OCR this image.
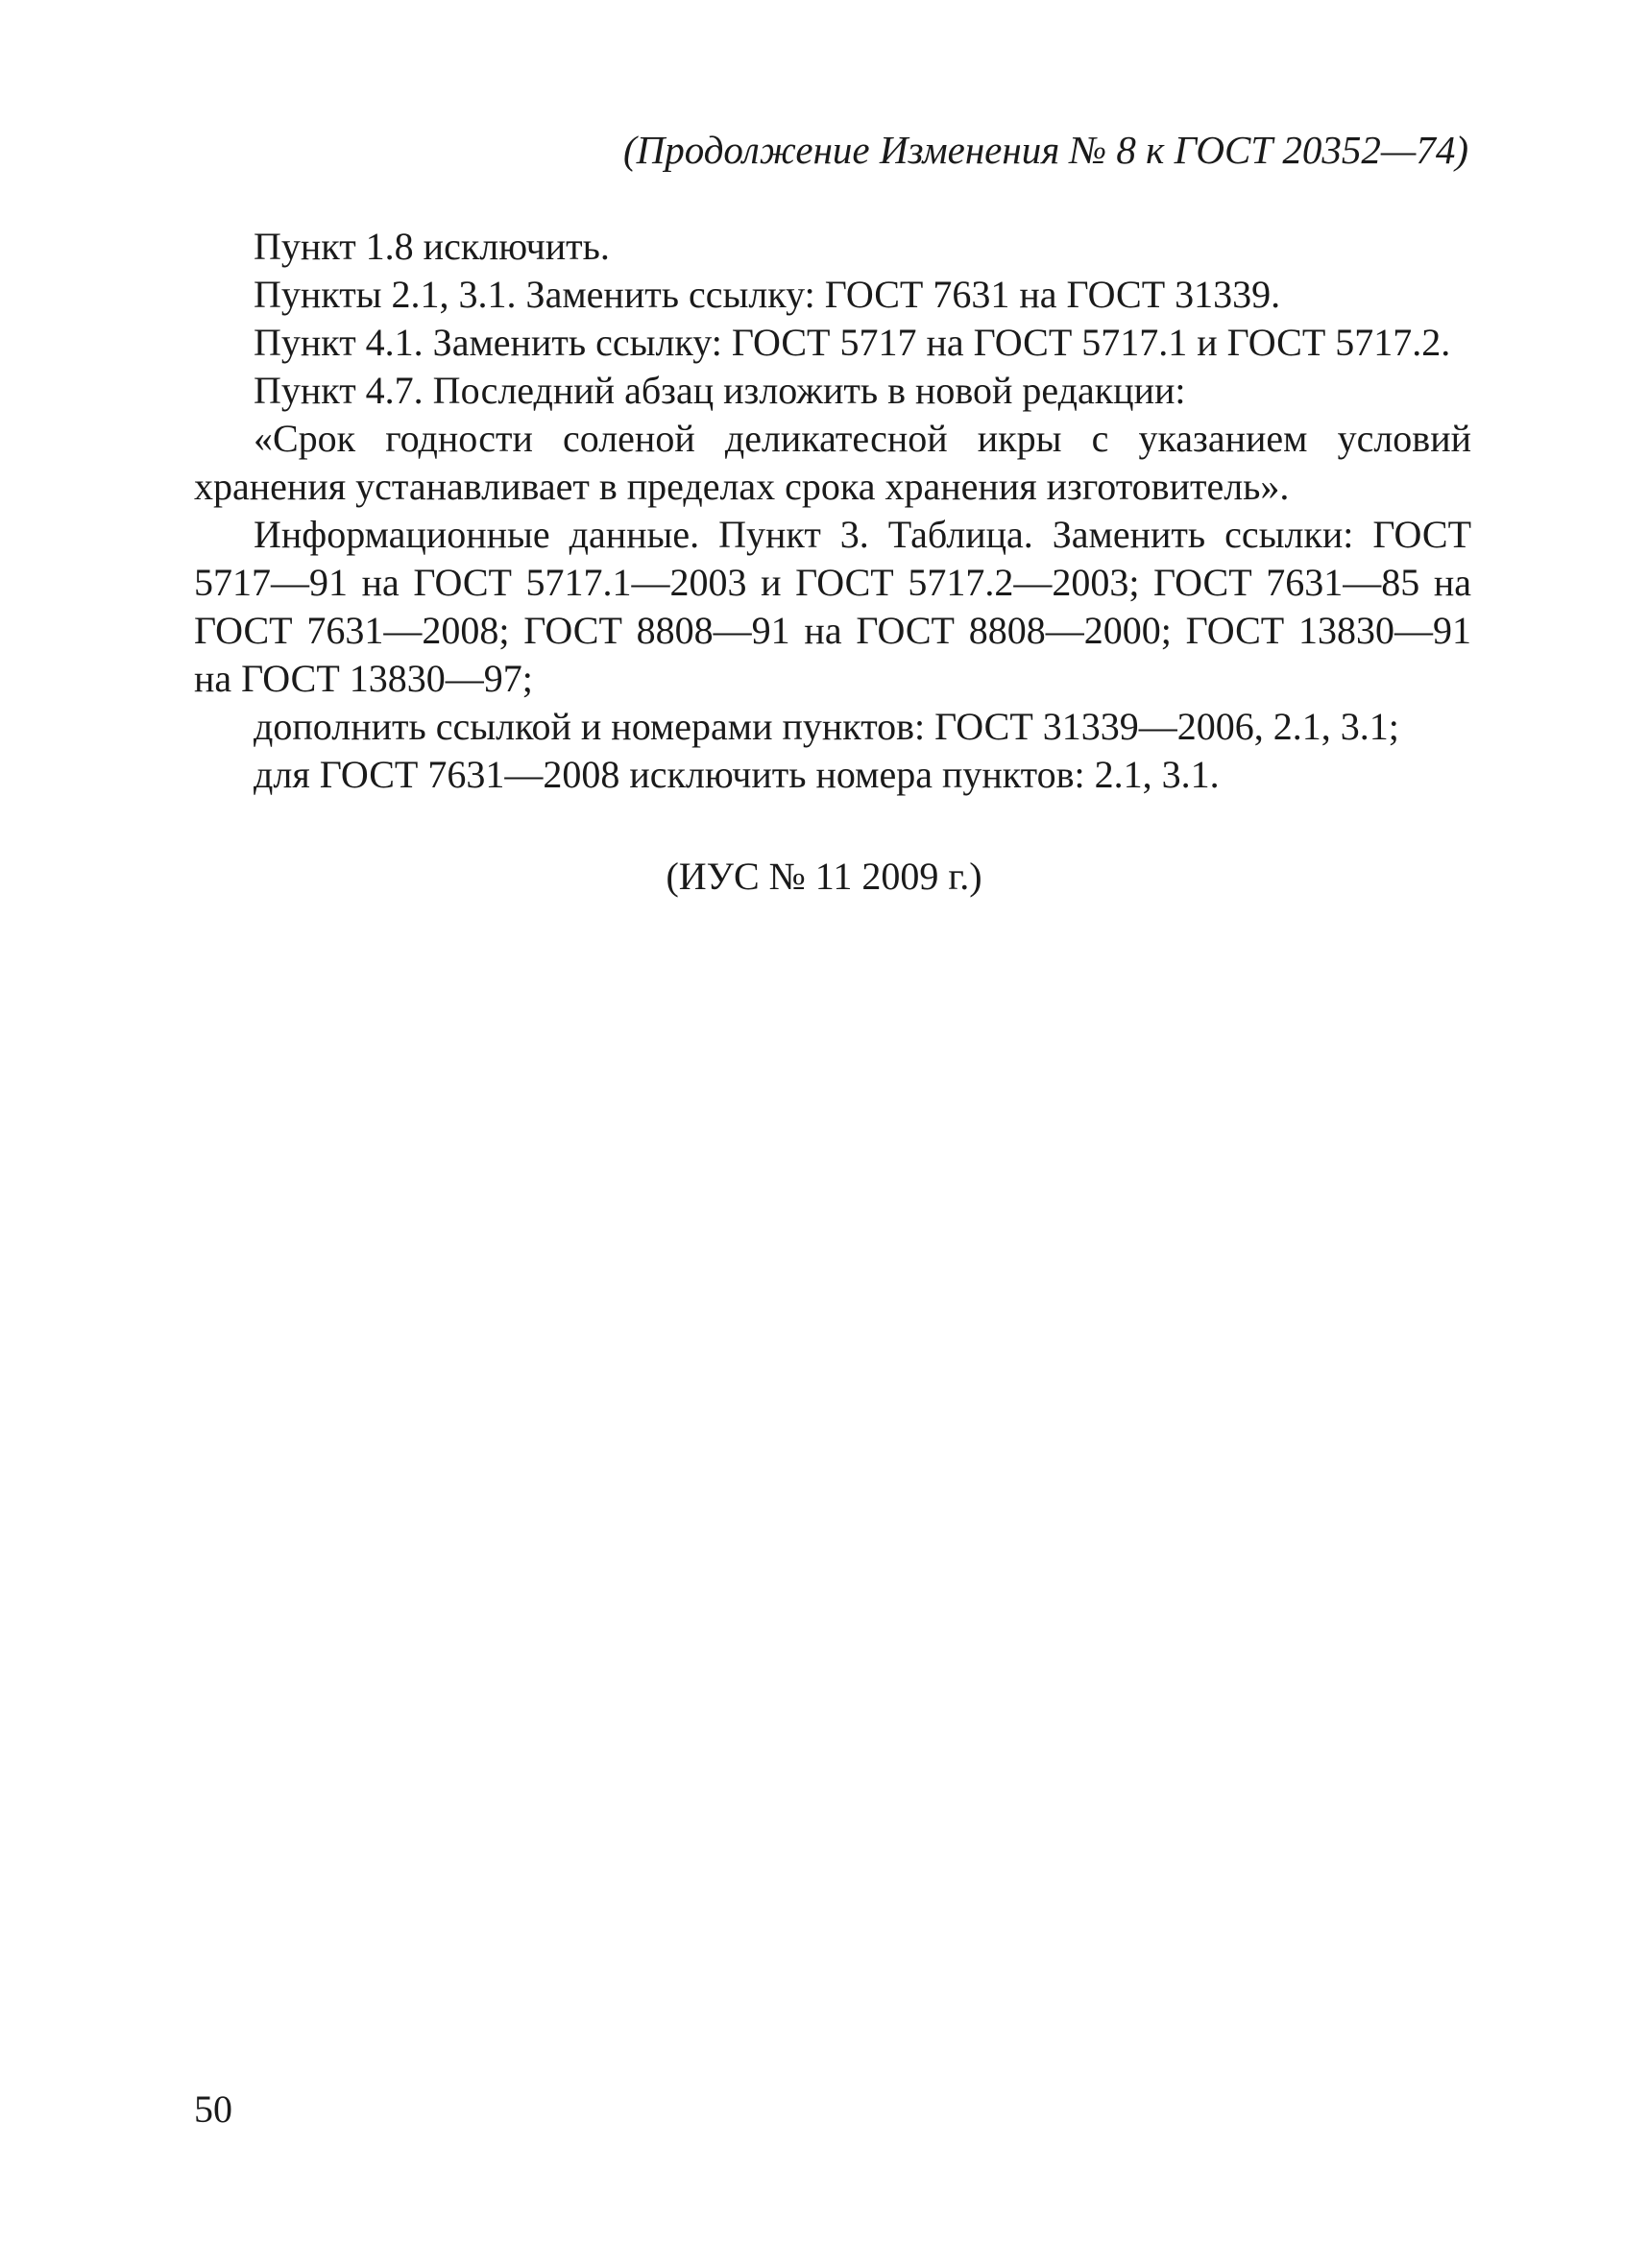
(Продолжение Изменения № 8 к ГОСТ 20352—74)

Пункт 1.8 исключить.

Пункты 2.1, 3.1. Заменить ссылку: ГОСТ 7631 на ГОСТ 31339.

Пункт 4.1. Заменить ссылку: ГОСТ 5717 на ГОСТ 5717.1 и ГОСТ 5717.2.

Пункт 4.7. Последний абзац изложить в новой редакции:

«Срок годности соленой деликатесной икры с указанием условий хранения устанавливает в пределах срока хранения изготовитель».

Информационные данные. Пункт 3. Таблица. Заменить ссылки: ГОСТ 5717—91 на ГОСТ 5717.1—2003 и ГОСТ 5717.2—2003; ГОСТ 7631—85 на ГОСТ 7631—2008; ГОСТ 8808—91 на ГОСТ 8808—2000; ГОСТ 13830—91 на ГОСТ 13830—97;

дополнить ссылкой и номерами пунктов: ГОСТ 31339—2006, 2.1, 3.1;

для ГОСТ 7631—2008 исключить номера пунктов: 2.1, 3.1.

(ИУС № 11 2009 г.)
50
